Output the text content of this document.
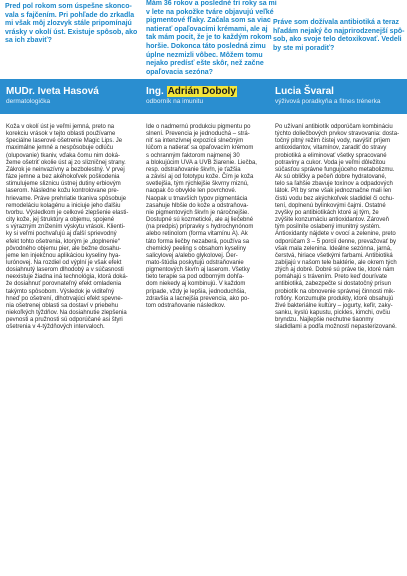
Pred pol rokom som úspešne skonco-
vala s fajčením. Pri pohľade do zrkadla
mi však môj zlozvyk stále pripomínajú
vrásky v okolí úst. Existuje spôsob, ako
sa ich zbaviť?
Mám 36 rokov a posledné tri roky sa mi
v lete na pokožke tváre objavujú veľké
pigmentové fľaky. Začala som sa viac
natierať opaľovacími krémami, ale aj
tak mám pocit, že je to každým rokom
horšie. Dokonca táto posledná zimu
úplne nezmizli vôbec. Môžem tomu
nejako predísť ešte skôr, než začne
opaľovacia sezóna?
Práve som dožívala antibiotiká a teraz
hľadám nejaký čo najprirodzenejší spô-
sob, ako svoje telo detoxikovať. Vedeli
by ste mi poradiť?
MUDr. Iveta Hasová
dermatologička
Ing. Adrián Doboly
odborník na imunitu
Lucia Švaral
výživová poradkyňa a fitnes trénerka
Koža v okolí úst je veľmi jemná, preto na
korekciu vrások v tejto oblasti používame
špeciálne laserové ošetrenie Magic Lips. Je
maximálne jemné a nespôsobuje odlúču
(olupovanie) tkaniv, vďaka čomu nim doká-
žeme ošetriť okolie úst aj zo slizničnej strany.
Zákrok je neinvazívny a bezbolestný. V prvej
fáze jemne a bez akéhokoľvek poškodenia
stimulujeme sliznicu ústnej dutiny erbiovým
laserom. Následne kožu kontrolovane pre-
hrievame. Práve prehriatie tkaniva spôsobuje
remodeláciu kolagénu a iniciuje jeho ďalšiu
tvorbu. Výsledkom je celkové zlepšenie elasti-
city kože, jej štruktúry a objemu, spojené
s výrazným znížením výskytu vrások. Klienti-
ky si veľmi pochvaľujú aj ďalší sprievodný
efekt tohto ošetrenia, ktorým je „doplnenie“
pôvodného objemu pier, ale bežne dosahu-
jeme len injekčnou aplikáciou kyseliny hya-
lurónovej. Na rozdiel od výplní je však efekt
dosiahnutý laserom dlhodobý a v súčasnosti
neexistuje žiadna iná technológia, ktorá doká-
že dosiahnuť porovnateľný efekt omladenia
takýmto spôsobom. Výsledok je viditeľný
hneď po ošetrení, dlhotrvajúci efekt spevne-
nia ošetrenej oblasti sa dostaví v priebehu
niekoľkých týždňov. Na dosiahnutie zlepšenia
pevnosti a pružnosti sú odporúčané asi štyri
ošetrenia v 4-týždňových intervaloch.
Ide o nadmernú produkciu pigmentu po
slnení. Prevencia je jednoduchá – strá-
niť sa intenzívnej expozícii slnečným
lúčom a natierať sa opaľovacím krémom
s ochranným faktorom najmenej 30
a blokujúcim UVA a UVB žiarenie. Liečba,
resp. odstraňovanie škvŕn, je ťažšia
a závisí aj od fototypu kože. Čím je koža
svetlejšia, tým rýchlejšie škvrny miznú,
naopak čo obvykle len povrchové.
Naopak u tmavších typov pigmentácia
zasahuje hlbšie do kože a odstraňova-
nie pigmentových škvŕn je náročnejšie.
Dostupné sú kozmetické, ale aj liečebné
(na predpis) prípravky s hydrochynónom
alebo retinolom (forma vitamínu A). Ak
táto forma liečby nezaberá, používa sa
chemický peeling s obsahom kyseliny
salicylovej a/alebo glykolovej. Der-
mato-štúdia poskytujú odstraňovanie
pigmentových škvŕn aj laserom. Všetky
tieto terapie sa pod odborným dohľa-
dom niekedy aj kombinujú. V každom
prípade, vždy je lepšia, jednoduchšia,
zdravšia a lacnejšia prevencia, ako po-
tom odstraňovanie následkov.
Po užívaní antibiotík odporúčam kombináciu
týchto doliečbových prvkov stravovania: dosta-
točný pitný režim čistej vody, navýšiť príjem
antioxidantov, vitamínov, zaradiť do stravy
probiotiká a eliminovať všetky spracované
potraviny a cukor. Voda je veľmi dôležitou
súčasťou správne fungujúceho metabolizmu.
Ak sú obličky a pečeň dobre hydratované,
telo sa ľahšie zbavuje toxínov a odpadových
látok. Pít by sme však jednoznačne mali len
čistú vodu bez akýchkoľvek sladidiel či ochu-
tení, doplnenú bylinkovými čajmi. Ostatné
zvyšky po antibiotikách ktoré aj tým, že
zvýšite konzumáciu antioxidantov. Zároveň
tým posilníte oslabený imunitný systém.
Antioxidanty nájdete v ovocí a zelenine, preto
odporúčam 3 – 5 porcií denne, prevažovať by
však mala zelenina. Ideálne sezónna, jarná,
čerstvá, hiriace všetkými farbami. Antibiotiká
zabíjajú v našom tele baktérie, ale okrem tých
zlých aj dobré. Dobré sú práve tie, ktoré nám
pomáhajú s trávením. Preto keď dourívate
antibiotiká, zabezpečte si dostatočný prísun
probiotík na obnovenie správnej činnosti mik-
roflóry. Konzumujte produkty, ktoré obsahujú
živé bakteriálne kultúry – jogurty, kefír, zaky-
sanku, kyslú kapustu, pickles, kimchi, ovčiu
bryndzu. Najlepšie nechutne tiaonmy
sladidlami a podľa možností nepasterizované.
